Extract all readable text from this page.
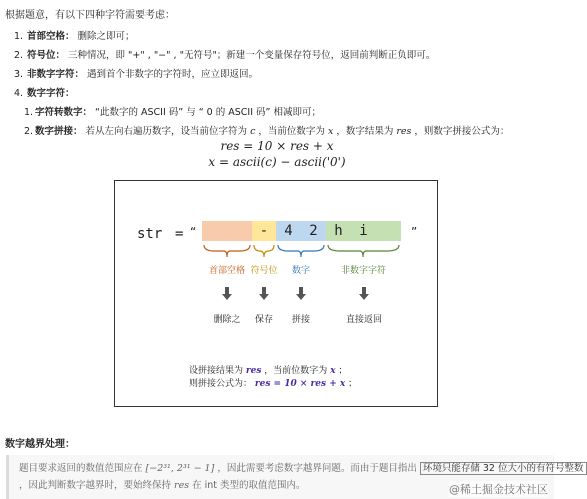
根据题意，有以下四种字符需要考虑：
1. 首部空格： 删除之即可；
2. 符号位： 三种情况，即 "+" , "−" , "无符号"；新建一个变量保存符号位，返回前判断正负即可。
3. 非数字字符： 遇到首个非数字的字符时，应立即返回。
4. 数字字符：
1. 字符转数字： “此数字的 ASCII 码” 与 “ 0 的 ASCII 码” 相减即可；
2. 数字拼接： 若从左向右遍历数字，设当前位字符为 c ，当前位数字为 x ，数字结果为 res ，则数字拼接公式为：
res = 10 × res + x
x = ascii(c) − ascii('0')
str = “	”
-	4 2	h i
首部空格 符号位	数字	非数字字符
删除之	保存	拼接	直接返回
设拼接结果为 res ，当前位数字为 x ；
则拼接公式为： res = 10 × res + x ；
数字越界处理：
题目要求返回的数值范围应在 [−2³¹, 2³¹ − 1] ，因此需要考虑数字越界问题。而由于题目指出 环境只能存储 32 位大小的有符号整数
，因此判断数字越界时，要始终保持 res 在 int 类型的取值范围内。	@稀土掘金技术社区
